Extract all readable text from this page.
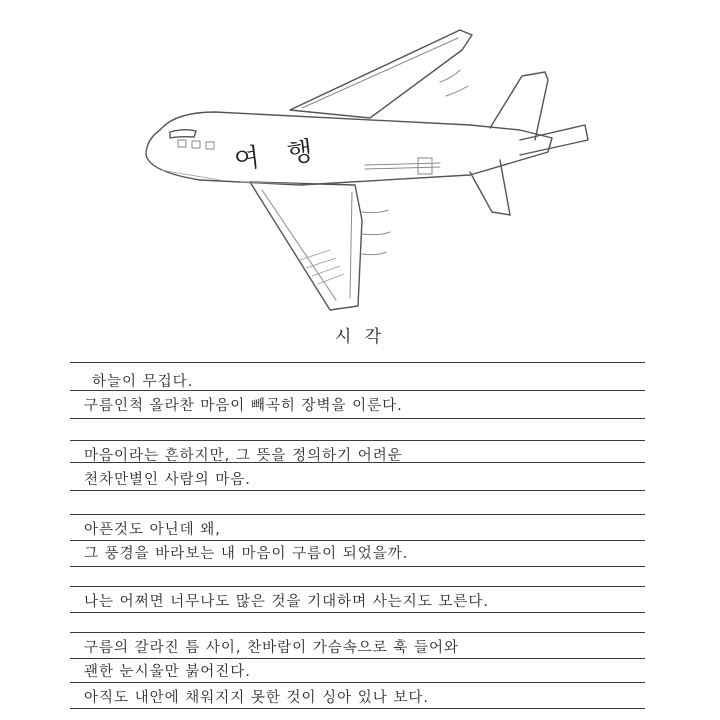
여 행
시 각
하늘이 무겁다.
구름인척 올라찬 마음이 빼곡히 장벽을 이룬다.
마음이라는 흔하지만, 그 뜻을 정의하기 어려운
천차만별인 사람의 마음.
아픈것도 아닌데 왜,
그 풍경을 바라보는 내 마음이 구름이 되었을까.
나는 어쩌면 너무나도 많은 것을 기대하며 사는지도 모른다.
구름의 갈라진 틈 사이, 찬바람이 가슴속으로 훅 들어와
괜한 눈시울만 붉어진다.
아직도 내안에 채워지지 못한 것이 싱아 있나 보다.
